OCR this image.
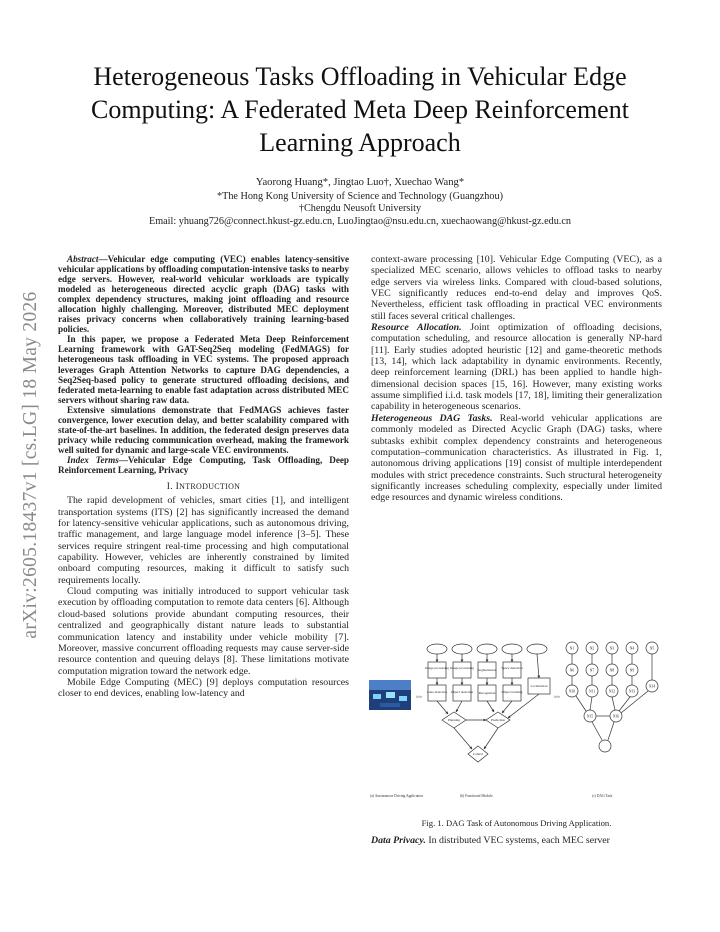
arXiv:2605.18437v1 [cs.LG] 18 May 2026
Heterogeneous Tasks Offloading in Vehicular Edge Computing: A Federated Meta Deep Reinforcement Learning Approach
Yaorong Huang*, Jingtao Luo†, Xuechao Wang*
*The Hong Kong University of Science and Technology (Guangzhou)
†Chengdu Neusoft University
Email: yhuang726@connect.hkust-gz.edu.cn, LuoJingtao@nsu.edu.cn, xuechaowang@hkust-gz.edu.cn

Abstract—Vehicular edge computing (VEC) enables latency-sensitive vehicular applications by offloading computation-intensive tasks to nearby edge servers. However, real-world vehicular workloads are typically modeled as heterogeneous directed acyclic graph (DAG) tasks with complex dependency structures, making joint offloading and resource allocation highly challenging. Moreover, distributed MEC deployment raises privacy concerns when collaboratively training learning-based policies.

In this paper, we propose a Federated Meta Deep Reinforcement Learning framework with GAT-Seq2Seq modeling (FedMAGS) for heterogeneous task offloading in VEC systems. The proposed approach leverages Graph Attention Networks to capture DAG dependencies, a Seq2Seq-based policy to generate structured offloading decisions, and federated meta-learning to enable fast adaptation across distributed MEC servers without sharing raw data.

Extensive simulations demonstrate that FedMAGS achieves faster convergence, lower execution delay, and better scalability compared with state-of-the-art baselines. In addition, the federated design preserves data privacy while reducing communication overhead, making the framework well suited for dynamic and large-scale VEC environments.

Index Terms—Vehicular Edge Computing, Task Offloading, Deep Reinforcement Learning, Privacy

I. INTRODUCTION

The rapid development of vehicles, smart cities [1], and intelligent transportation systems (ITS) [2] has significantly increased the demand for latency-sensitive vehicular applications, such as autonomous driving, traffic management, and large language model inference [3–5]. These services require stringent real-time processing and high computational capability. However, vehicles are inherently constrained by limited onboard computing resources, making it difficult to satisfy such requirements locally.

Cloud computing was initially introduced to support vehicular task execution by offloading computation to remote data centers [6]. Although cloud-based solutions provide abundant computing resources, their centralized and geographically distant nature leads to substantial communication latency and instability under vehicle mobility [7]. Moreover, massive concurrent offloading requests may cause server-side resource contention and queuing delays [8]. These limitations motivate computation migration toward the network edge.

Mobile Edge Computing (MEC) [9] deploys computation resources closer to end devices, enabling low-latency and

context-aware processing [10]. Vehicular Edge Computing (VEC), as a specialized MEC scenario, allows vehicles to offload tasks to nearby edge servers via wireless links. Compared with cloud-based solutions, VEC significantly reduces end-to-end delay and improves QoS. Nevertheless, efficient task offloading in practical VEC environments still faces several critical challenges.

Resource Allocation. Joint optimization of offloading decisions, computation scheduling, and resource allocation is generally NP-hard [11]. Early studies adopted heuristic [12] and game-theoretic methods [13, 14], which lack adaptability in dynamic environments. Recently, deep reinforcement learning (DRL) has been applied to handle high-dimensional decision spaces [15, 16]. However, many existing works assume simplified i.i.d. task models [17, 18], limiting their generalization capability in heterogeneous scenarios.

Heterogeneous DAG Tasks. Real-world vehicular applications are commonly modeled as Directed Acyclic Graph (DAG) tasks, where subtasks exhibit complex dependency constraints and heterogeneous computation–communication characteristics. As illustrated in Fig. 1, autonomous driving applications [19] consist of multiple interdependent modules with strict precedence constraints. Such structural heterogeneity significantly increases scheduling complexity, especially under limited edge resources and dynamic wireless conditions.

»»
Image processing Image processing Segmentation Space detection
Lane detection Object detection Recognition Object tracking
Localization
Planning	Prediction
Control
»»
N1	N2	N3	N4	N5
N6	N7	N8	N9
N10	N11	N12	N13
N14
N15	N16
(a) Autonomous Driving Application	(b) Functional Module	(c) DAG Task
Fig. 1. DAG Task of Autonomous Driving Application.
Data Privacy. In distributed VEC systems, each MEC server
